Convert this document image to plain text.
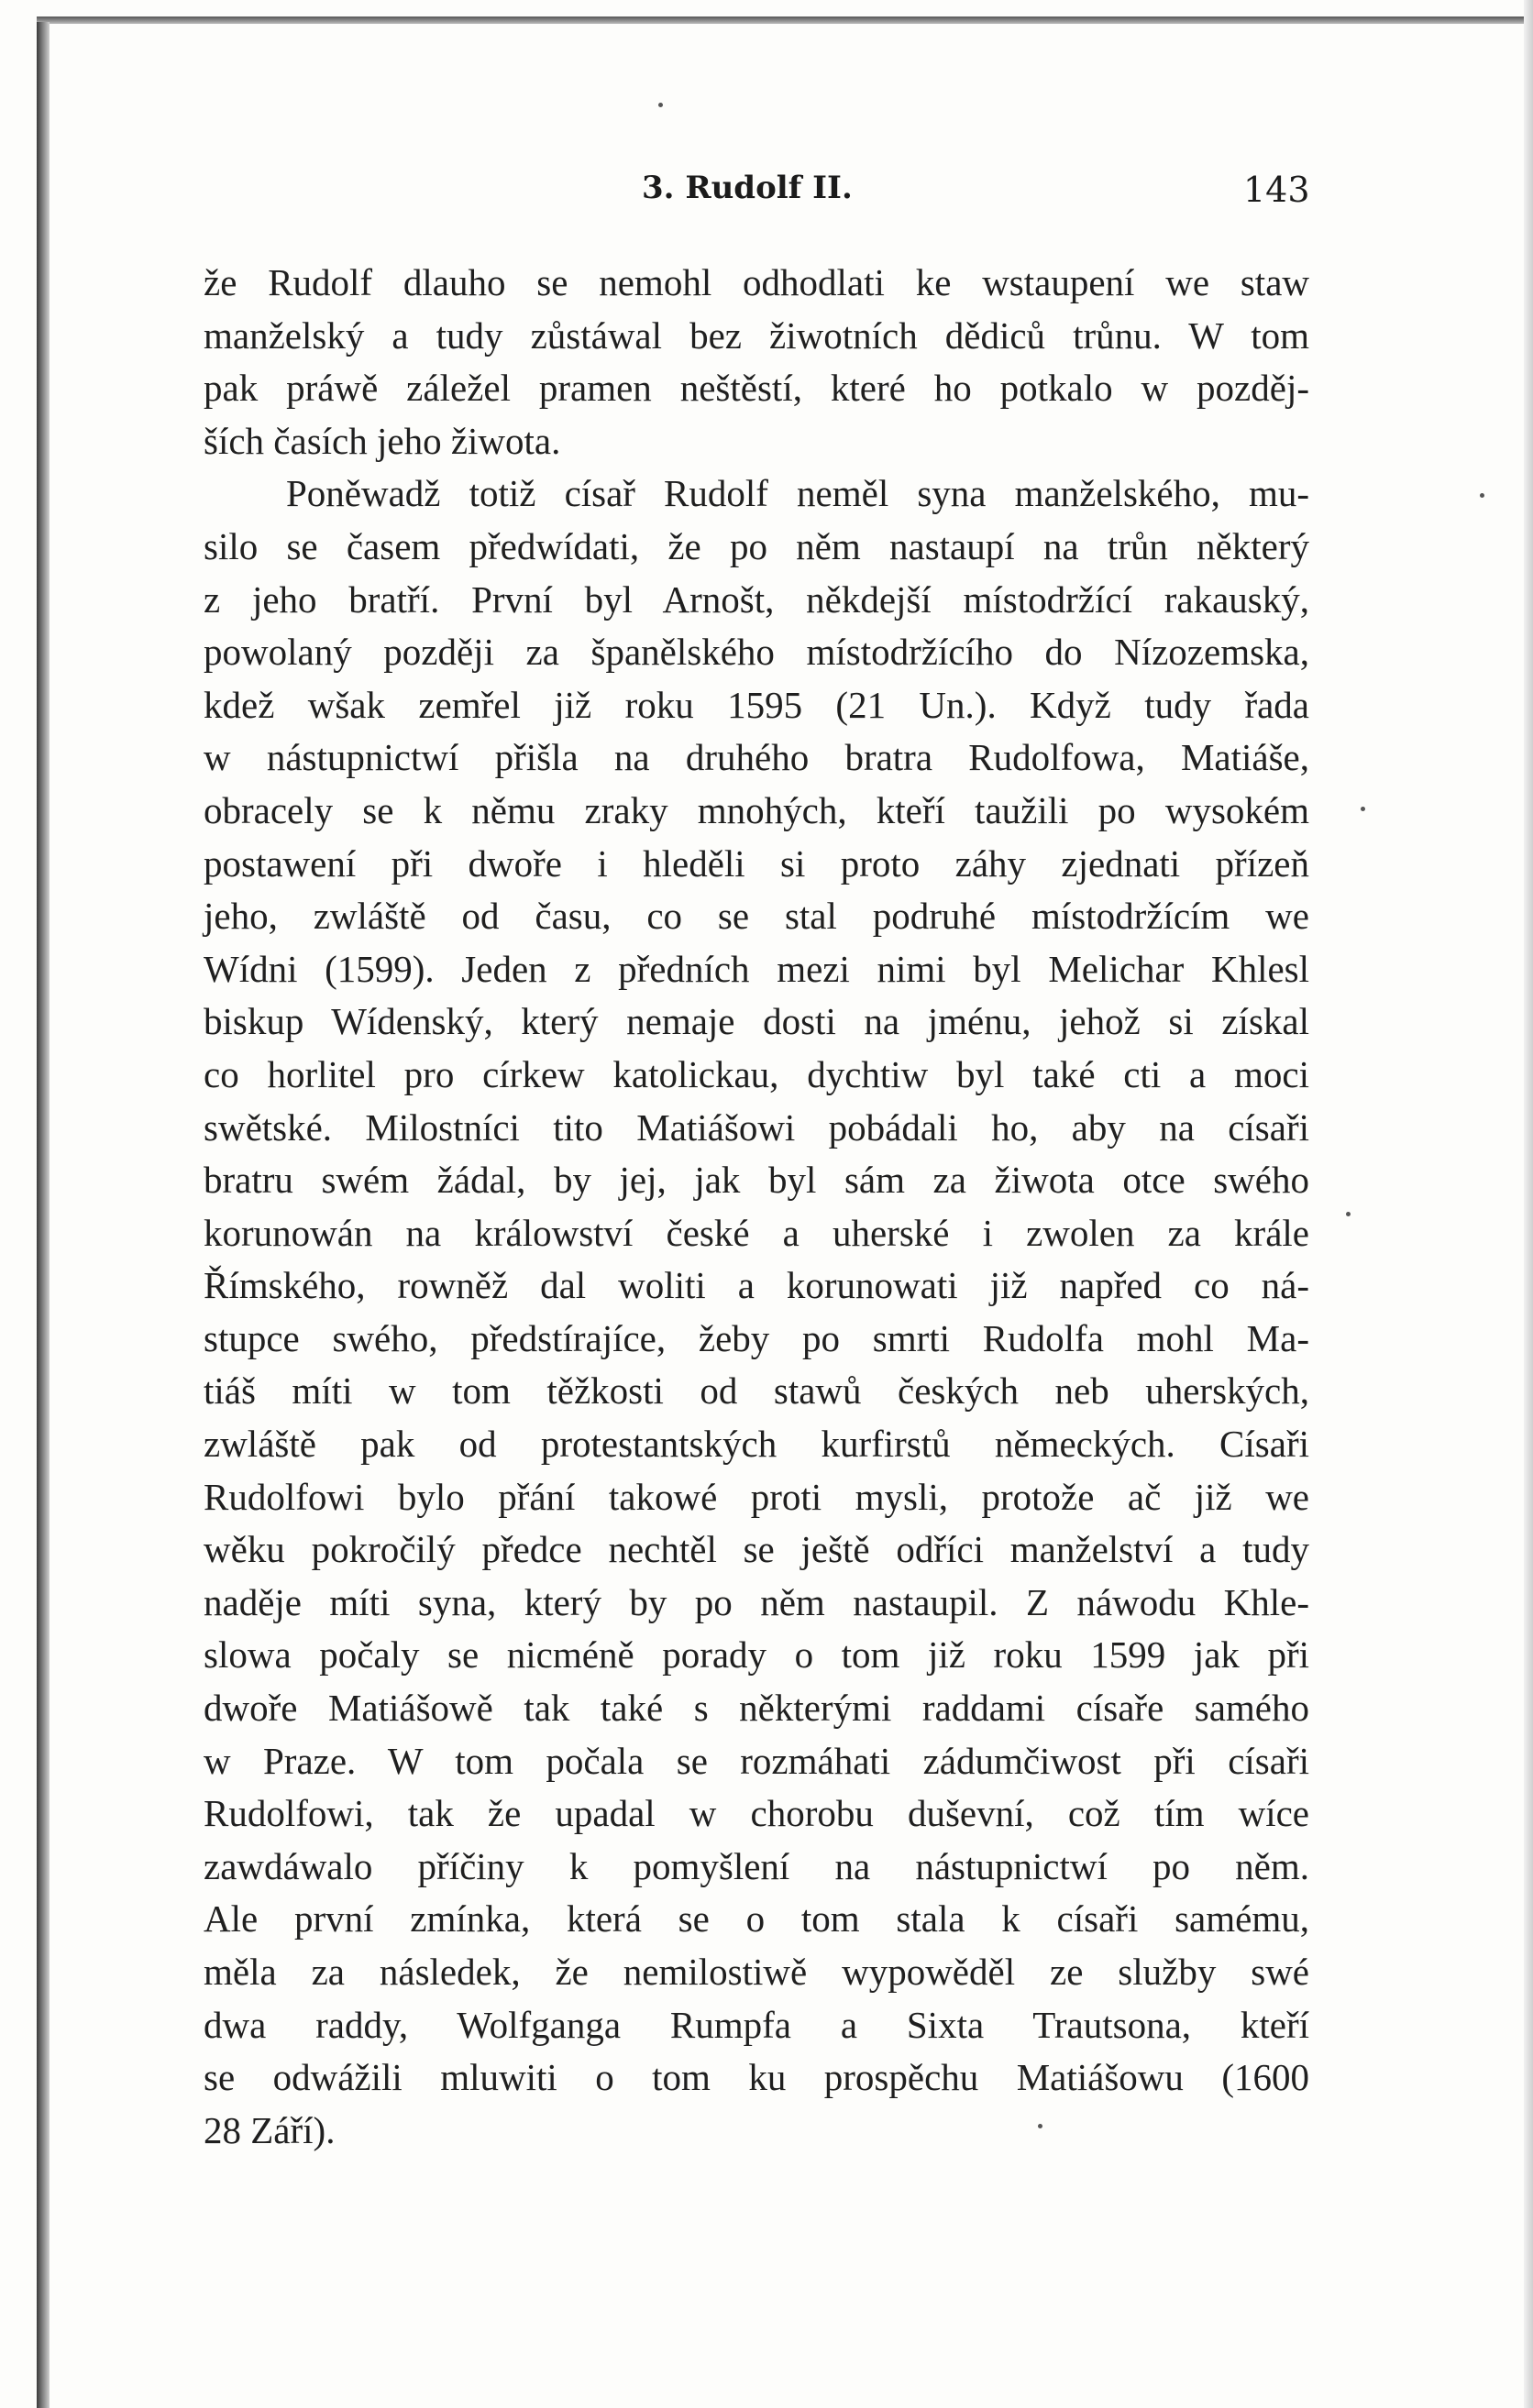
3. Rudolf II.	143
že Rudolf dlauho se nemohl odhodlati ke wstaupení we staw
manželský a tudy zůstáwal bez žiwotních dědiců trůnu. W tom
pak práwě záležel pramen neštěstí, které ho potkalo w pozděj-
ších časích jeho žiwota.
Poněwadž totiž císař Rudolf neměl syna manželského, mu-
silo se časem předwídati, že po něm nastaupí na trůn některý
z jeho bratří. První byl Arnošt, někdejší místodržící rakauský,
powolaný později za španělského místodržícího do Nízozemska,
kdež wšak zemřel již roku 1595 (21 Un.). Když tudy řada
w nástupnictwí přišla na druhého bratra Rudolfowa, Matiáše,
obracely se k němu zraky mnohých, kteří taužili po wysokém
postawení při dwoře i hleděli si proto záhy zjednati přízeň
jeho, zwláště od času, co se stal podruhé místodržícím we
Wídni (1599). Jeden z předních mezi nimi byl Melichar Khlesl
biskup Wídenský, který nemaje dosti na jménu, jehož si získal
co horlitel pro církew katolickau, dychtiw byl také cti a moci
swětské. Milostníci tito Matiášowi pobádali ho, aby na císaři
bratru swém žádal, by jej, jak byl sám za žiwota otce swého
korunowán na králowství české a uherské i zwolen za krále
Římského, rowněž dal woliti a korunowati již napřed co ná-
stupce swého, předstírajíce, žeby po smrti Rudolfa mohl Ma-
tiáš míti w tom těžkosti od stawů českých neb uherských,
zwláště pak od protestantských kurfirstů německých. Císaři
Rudolfowi bylo přání takowé proti mysli, protože ač již we
wěku pokročilý předce nechtěl se ještě odříci manželství a tudy
naděje míti syna, který by po něm nastaupil. Z náwodu Khle-
slowa počaly se nicméně porady o tom již roku 1599 jak při
dwoře Matiášowě tak také s některými raddami císaře samého
w Praze. W tom počala se rozmáhati zádumčiwost při císaři
Rudolfowi, tak že upadal w chorobu duševní, což tím wíce
zawdáwalo příčiny k pomyšlení na nástupnictwí po něm.
Ale první zmínka, která se o tom stala k císaři samému,
měla za následek, že nemilostiwě wypowěděl ze služby swé
dwa raddy, Wolfganga Rumpfa a Sixta Trautsona, kteří
se odwážili mluwiti o tom ku prospěchu Matiášowu (1600
28 Září).
